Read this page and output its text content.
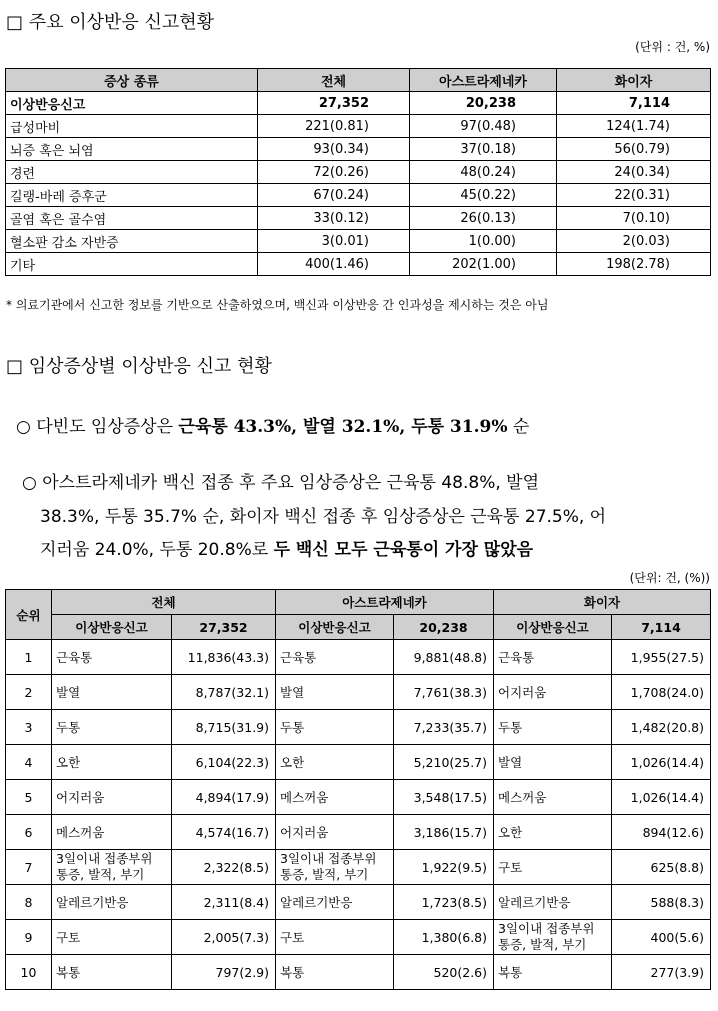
□ 주요 이상반응 신고현황
(단위 : 건, %)
증상 종류	전체	아스트라제네카	화이자
이상반응신고	27,352	20,238	7,114
급성마비	221(0.81)	97(0.48)	124(1.74)
뇌증 혹은 뇌염	93(0.34)	37(0.18)	56(0.79)
경련	72(0.26)	48(0.24)	24(0.34)
길랭-바레 증후군	67(0.24)	45(0.22)	22(0.31)
골염 혹은 골수염	33(0.12)	26(0.13)	7(0.10)
혈소판 감소 자반증	3(0.01)	1(0.00)	2(0.03)
기타	400(1.46)	202(1.00)	198(2.78)
* 의료기관에서 신고한 정보를 기반으로 산출하였으며, 백신과 이상반응 간 인과성을 제시하는 것은 아님
□ 임상증상별 이상반응 신고 현황
○ 다빈도 임상증상은 근육통 43.3%, 발열 32.1%, 두통 31.9% 순
○ 아스트라제네카 백신 접종 후 주요 임상증상은 근육통 48.8%, 발열
38.3%, 두통 35.7% 순, 화이자 백신 접종 후 임상증상은 근육통 27.5%, 어
지러움 24.0%, 두통 20.8%로 두 백신 모두 근육통이 가장 많았음
(단위: 건, (%))
순위	전체		아스트라제네카		화이자	
	이상반응신고	27,352	이상반응신고	20,238	이상반응신고	7,114
1	근육통	11,836(43.3)	근육통	9,881(48.8)	근육통	1,955(27.5)
2	발열	8,787(32.1)	발열	7,761(38.3)	어지러움	1,708(24.0)
3	두통	8,715(31.9)	두통	7,233(35.7)	두통	1,482(20.8)
4	오한	6,104(22.3)	오한	5,210(25.7)	발열	1,026(14.4)
5	어지러움	4,894(17.9)	메스꺼움	3,548(17.5)	메스꺼움	1,026(14.4)
6	메스꺼움	4,574(16.7)	어지러움	3,186(15.7)	오한	894(12.6)
7	3일이내 접종부위 통증, 발적, 부기	2,322(8.5)	3일이내 접종부위 통증, 발적, 부기	1,922(9.5)	구토	625(8.8)
8	알레르기반응	2,311(8.4)	알레르기반응	1,723(8.5)	알레르기반응	588(8.3)
9	구토	2,005(7.3)	구토	1,380(6.8)	3일이내 접종부위 통증, 발적, 부기	400(5.6)
10	복통	797(2.9)	복통	520(2.6)	복통	277(3.9)
